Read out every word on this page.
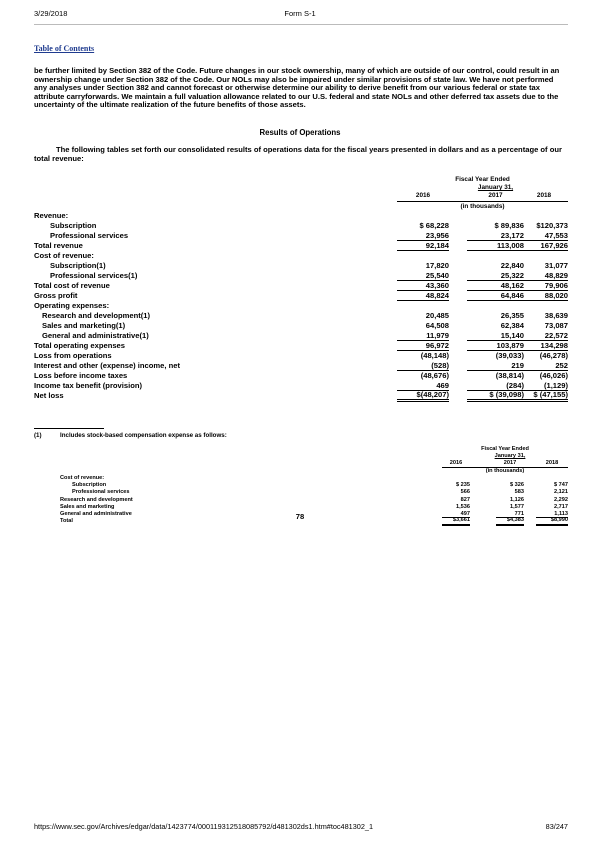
3/29/2018	Form S-1
Table of Contents
be further limited by Section 382 of the Code. Future changes in our stock ownership, many of which are outside of our control, could result in an ownership change under Section 382 of the Code. Our NOLs may also be impaired under similar provisions of state law. We have not performed any analyses under Section 382 and cannot forecast or otherwise determine our ability to derive benefit from our various federal or state tax attribute carryforwards. We maintain a full valuation allowance related to our U.S. federal and state NOLs and other deferred tax assets due to the uncertainty of the ultimate realization of the future benefits of those assets.
Results of Operations
The following tables set forth our consolidated results of operations data for the fiscal years presented in dollars and as a percentage of our total revenue:
Fiscal Year Ended
January 31,
2016	2017	2018
(in thousands)
Revenue:
Subscription	$ 68,228	$ 89,836	$120,373
Professional services	23,956	23,172	47,553
Total revenue	92,184	113,008	167,926
Cost of revenue:
Subscription(1)	17,820	22,840	31,077
Professional services(1)	25,540	25,322	48,829
Total cost of revenue	43,360	48,162	79,906
Gross profit	48,824	64,846	88,020
Operating expenses:
Research and development(1)	20,485	26,355	38,639
Sales and marketing(1)	64,508	62,384	73,087
General and administrative(1)	11,979	15,140	22,572
Total operating expenses	96,972	103,879	134,298
Loss from operations	(48,148)	(39,033)	(46,278)
Interest and other (expense) income, net	(528)	219	252
Loss before income taxes	(48,676)	(38,814)	(46,026)
Income tax benefit (provision)	469	(284)	(1,129)
Net loss	$(48,207)	$ (39,098)	$ (47,155)
(1)	Includes stock-based compensation expense as follows:
Fiscal Year Ended
January 31,
2016	2017	2018
(in thousands)
Cost of revenue:
Subscription	$ 235	$ 326	$ 747
Professional services	566	583	2,121
Research and development	827	1,126	2,292
Sales and marketing	1,536	1,577	2,717
General and administrative	497	771	1,113
Total	$3,661	$4,383	$8,990
78
https://www.sec.gov/Archives/edgar/data/1423774/000119312518085792/d481302ds1.htm#toc481302_1	83/247
